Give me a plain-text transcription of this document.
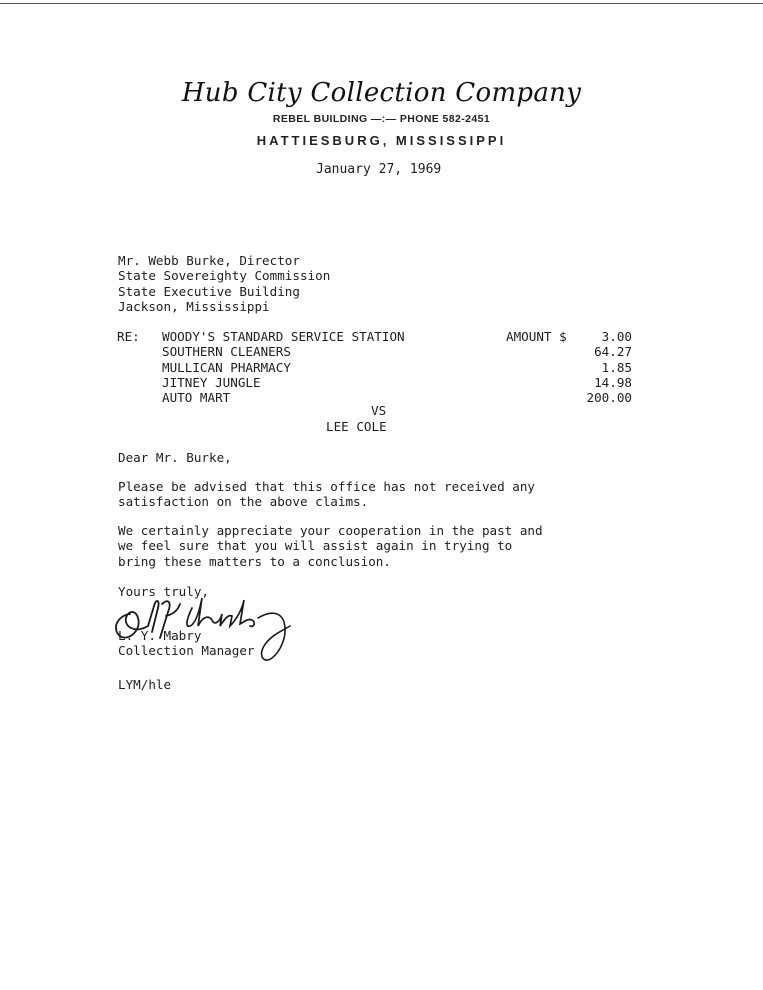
Hub City Collection Company
REBEL BUILDING —:— PHONE 582-2451
HATTIESBURG, MISSISSIPPI
January 27, 1969
Mr. Webb Burke, Director
State Sovereighty Commission
State Executive Building
Jackson, Mississippi
RE: WOODY'S STANDARD SERVICE STATION
SOUTHERN CLEANERS
MULLICAN PHARMACY
JITNEY JUNGLE
AUTO MART
AMOUNT $	3.00
64.27
1.85
14.98
200.00
VS
LEE COLE
Dear Mr. Burke,
Please be advised that this office has not received any
satisfaction on the above claims.
We certainly appreciate your cooperation in the past and
we feel sure that you will assist again in trying to
bring these matters to a conclusion.
Yours truly,
L. Y. Mabry
Collection Manager
LYM/hle
